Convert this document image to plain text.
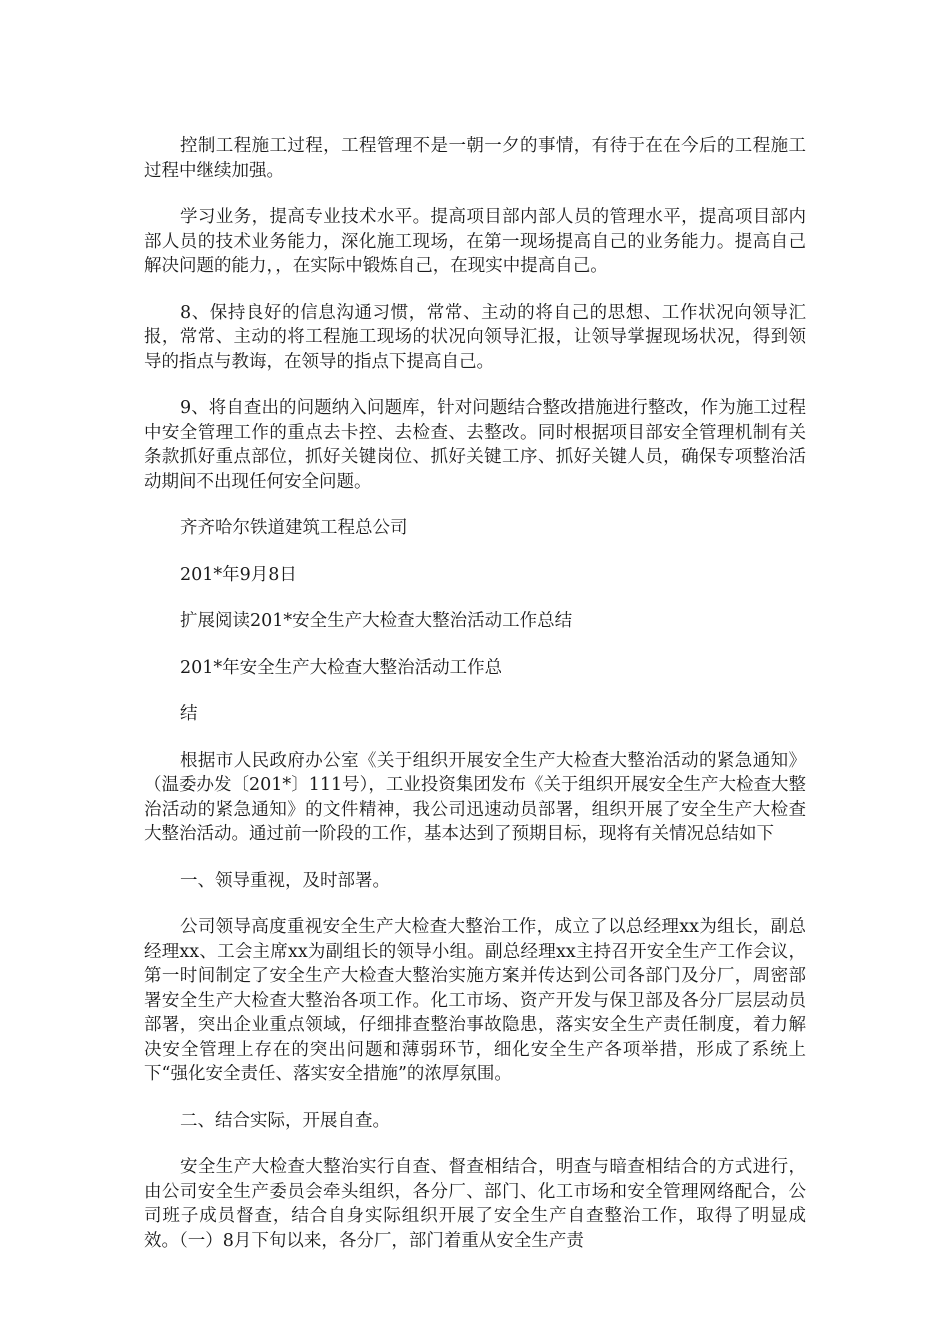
控制工程施工过程，工程管理不是一朝一夕的事情，有待于在在今后的工程施工过程中继续加强。

学习业务，提高专业技术水平。提高项目部内部人员的管理水平，提高项目部内部人员的技术业务能力，深化施工现场，在第一现场提高自己的业务能力。提高自己解决问题的能力，，在实际中锻炼自己，在现实中提高自己。

8、保持良好的信息沟通习惯，常常、主动的将自己的思想、工作状况向领导汇报，常常、主动的将工程施工现场的状况向领导汇报，让领导掌握现场状况，得到领导的指点与教诲，在领导的指点下提高自己。

9、将自查出的问题纳入问题库，针对问题结合整改措施进行整改，作为施工过程中安全管理工作的重点去卡控、去检查、去整改。同时根据项目部安全管理机制有关条款抓好重点部位，抓好关键岗位、抓好关键工序、抓好关键人员，确保专项整治活动期间不出现任何安全问题。

齐齐哈尔铁道建筑工程总公司

201*年9月8日

扩展阅读201*安全生产大检查大整治活动工作总结

201*年安全生产大检查大整治活动工作总

结

根据市人民政府办公室《关于组织开展安全生产大检查大整治活动的紧急通知》（温委办发〔201*〕111号），工业投资集团发布《关于组织开展安全生产大检查大整治活动的紧急通知》的文件精神，我公司迅速动员部署，组织开展了安全生产大检查大整治活动。通过前一阶段的工作，基本达到了预期目标，现将有关情况总结如下

一、领导重视，及时部署。

公司领导高度重视安全生产大检查大整治工作，成立了以总经理xx为组长，副总经理xx、工会主席xx为副组长的领导小组。副总经理xx主持召开安全生产工作会议，第一时间制定了安全生产大检查大整治实施方案并传达到公司各部门及分厂，周密部署安全生产大检查大整治各项工作。化工市场、资产开发与保卫部及各分厂层层动员部署，突出企业重点领域，仔细排查整治事故隐患，落实安全生产责任制度，着力解决安全管理上存在的突出问题和薄弱环节，细化安全生产各项举措，形成了系统上下“强化安全责任、落实安全措施”的浓厚氛围。

二、结合实际，开展自查。

安全生产大检查大整治实行自查、督查相结合，明查与暗查相结合的方式进行，由公司安全生产委员会牵头组织，各分厂、部门、化工市场和安全管理网络配合，公司班子成员督查，结合自身实际组织开展了安全生产自查整治工作，取得了明显成效。（一）8月下旬以来，各分厂，部门着重从安全生产责
